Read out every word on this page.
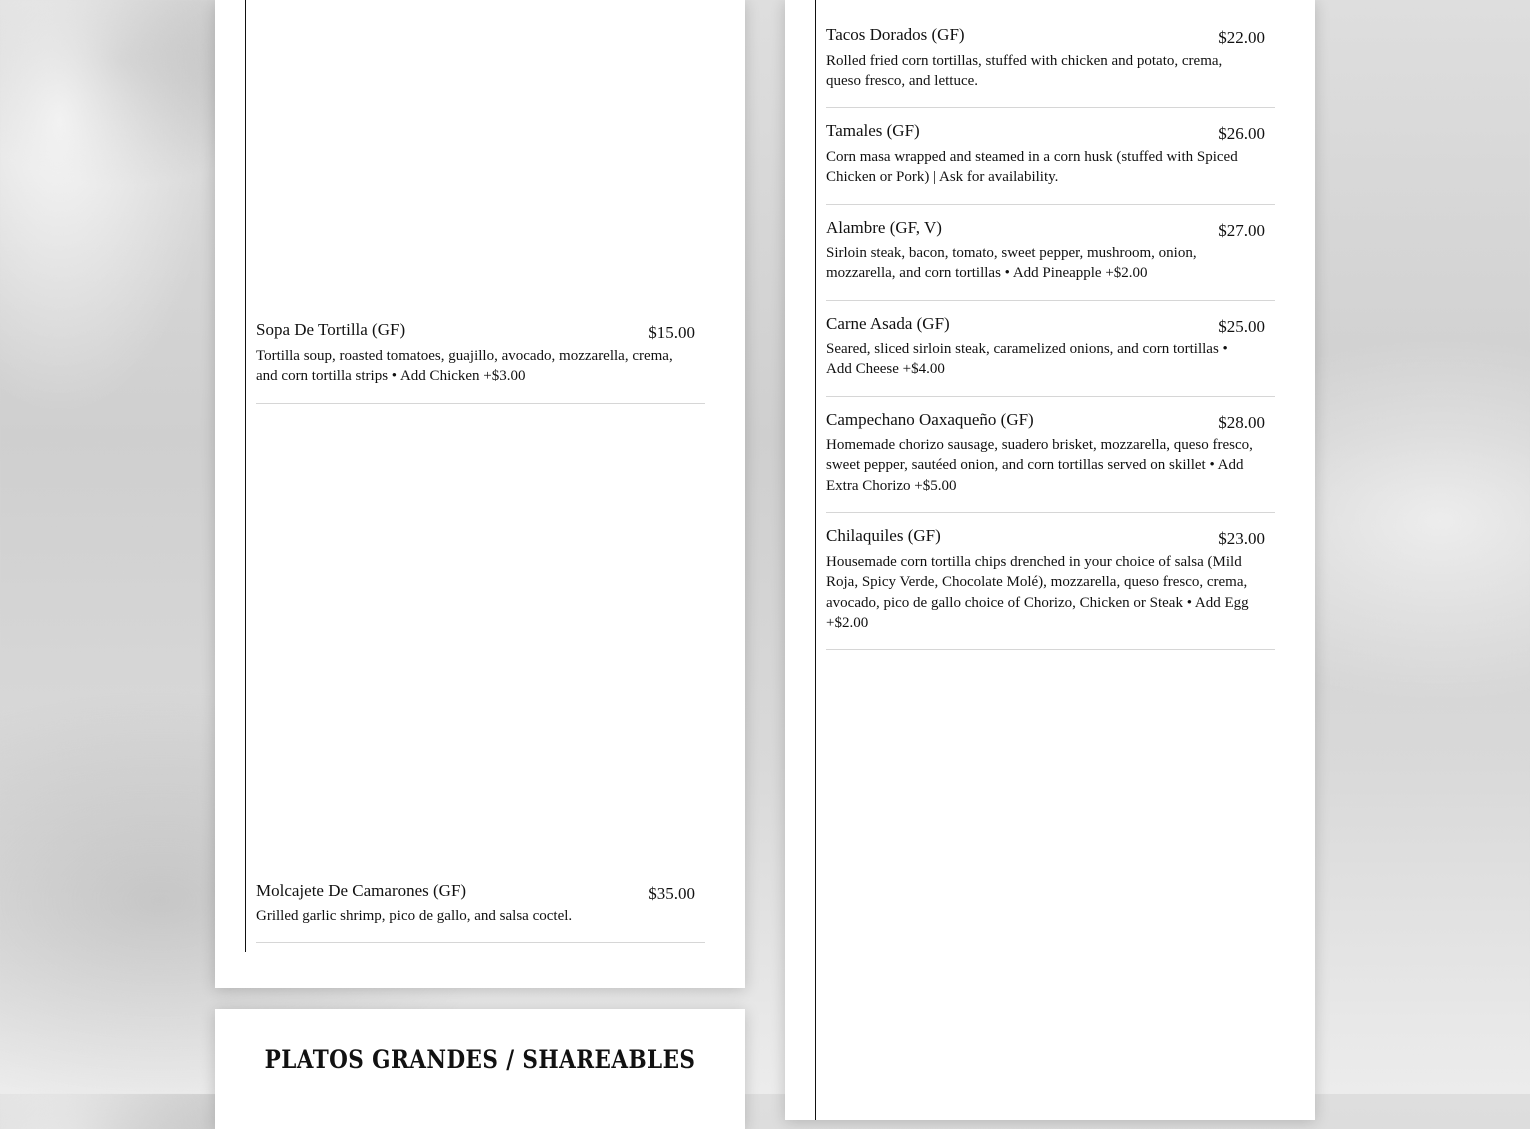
Sopa De Tortilla (GF)	$15.00
Tortilla soup, roasted tomatoes, guajillo, avocado, mozzarella, crema, and corn tortilla strips • Add Chicken +$3.00
Molcajete De Camarones (GF)	$35.00
Grilled garlic shrimp, pico de gallo, and salsa coctel.
PLATOS GRANDES / SHAREABLES
Tacos Dorados (GF)	$22.00
Rolled fried corn tortillas, stuffed with chicken and potato, crema, queso fresco, and lettuce.
Tamales (GF)	$26.00
Corn masa wrapped and steamed in a corn husk (stuffed with Spiced Chicken or Pork) | Ask for availability.
Alambre (GF, V)	$27.00
Sirloin steak, bacon, tomato, sweet pepper, mushroom, onion, mozzarella, and corn tortillas • Add Pineapple +$2.00
Carne Asada (GF)	$25.00
Seared, sliced sirloin steak, caramelized onions, and corn tortillas • Add Cheese +$4.00
Campechano Oaxaqueño (GF)	$28.00
Homemade chorizo sausage, suadero brisket, mozzarella, queso fresco, sweet pepper, sautéed onion, and corn tortillas served on skillet • Add Extra Chorizo +$5.00
Chilaquiles (GF)	$23.00
Housemade corn tortilla chips drenched in your choice of salsa (Mild Roja, Spicy Verde, Chocolate Molé), mozzarella, queso fresco, crema, avocado, pico de gallo choice of Chorizo, Chicken or Steak • Add Egg +$2.00
